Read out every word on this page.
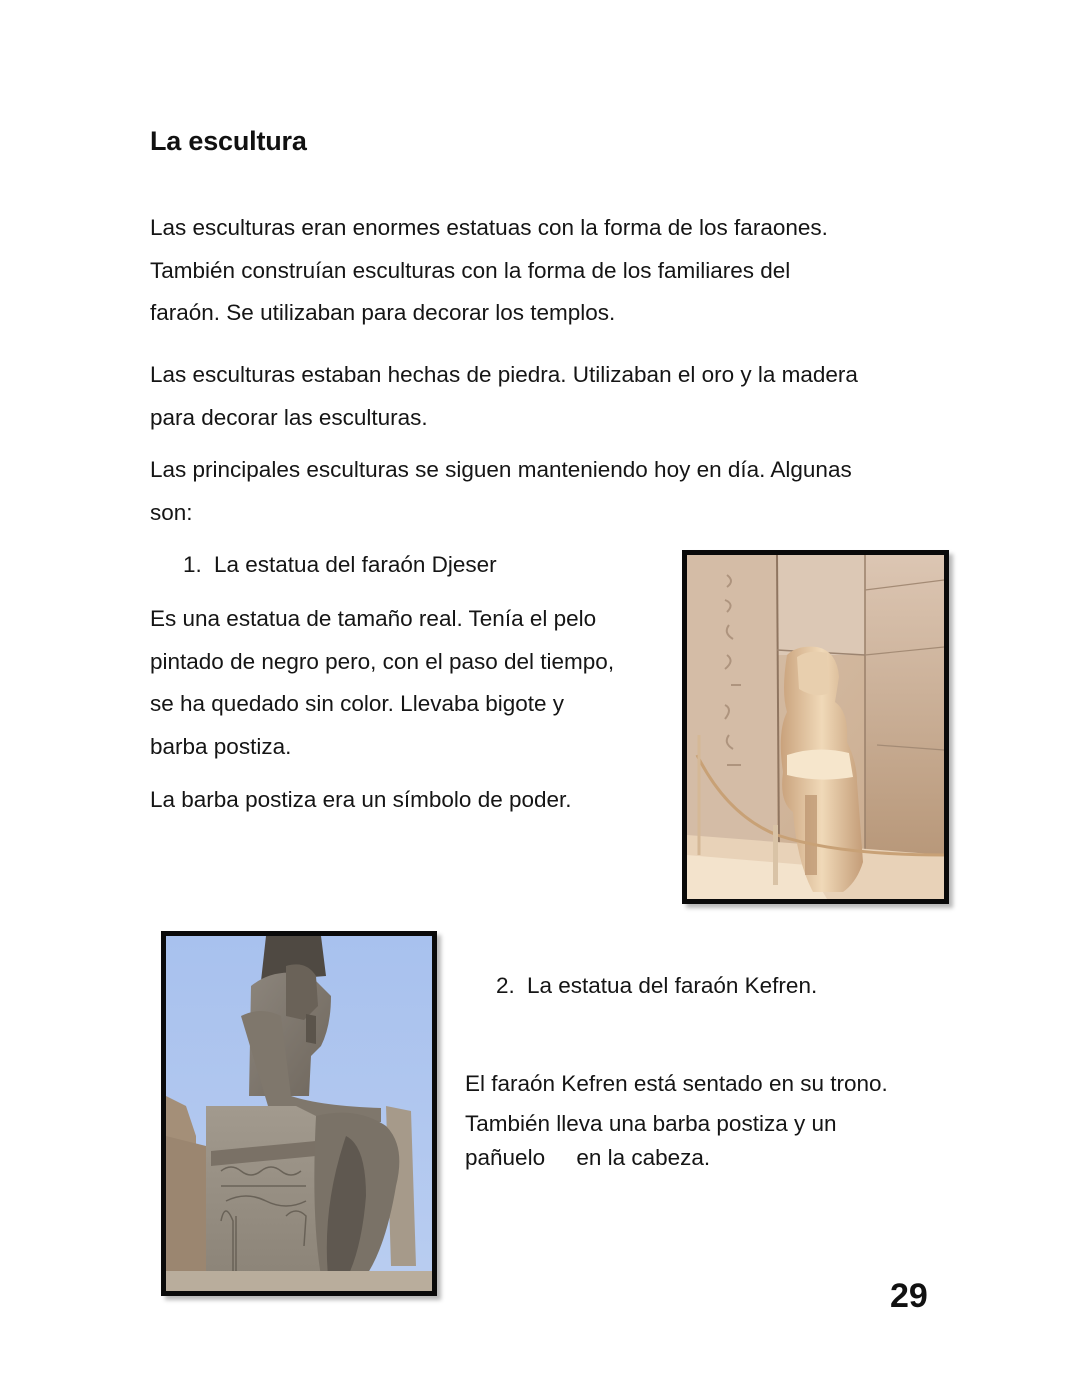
La escultura
Las esculturas eran enormes estatuas con la forma de los faraones.
También construían esculturas con la forma de los familiares del
faraón. Se utilizaban para decorar los templos.
Las esculturas estaban hechas de piedra. Utilizaban el oro y la madera
para decorar las esculturas.
Las principales esculturas se siguen manteniendo hoy en día. Algunas
son:
1. La estatua del faraón Djeser
Es una estatua de tamaño real. Tenía el pelo
pintado de negro pero, con el paso del tiempo,
se ha quedado sin color. Llevaba bigote y
barba postiza.
La barba postiza era un símbolo de poder.
2. La estatua del faraón Kefren.
El faraón Kefren está sentado en su trono.
También lleva una barba postiza y un
pañuelo     en la cabeza.
29
